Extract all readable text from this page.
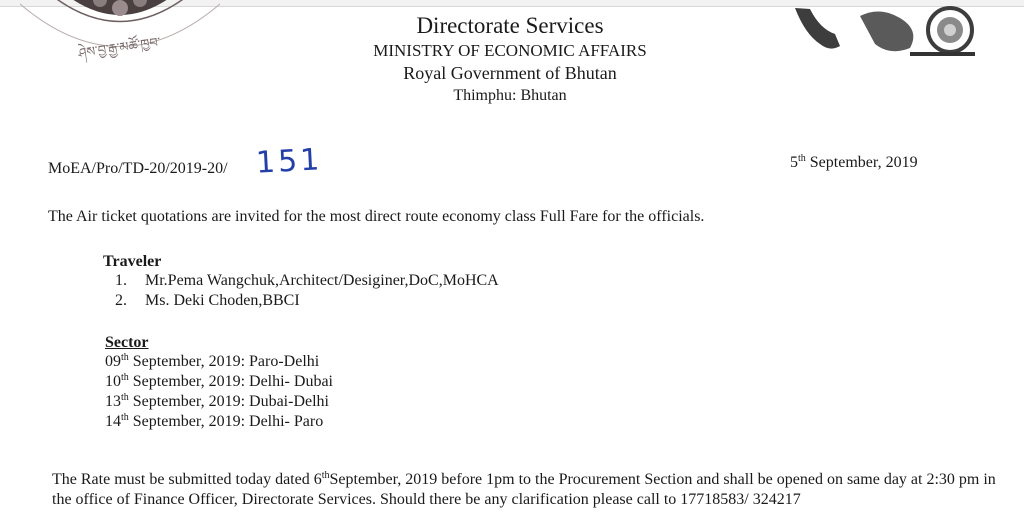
ཤེས་བྱ་རྒྱ་མཚོ་ཁྱབ་
Directorate Services
MINISTRY OF ECONOMIC AFFAIRS
Royal Government of Bhutan
Thimphu: Bhutan
MoEA/Pro/TD-20/2019-20/ 151	5th September, 2019
The Air ticket quotations are invited for the most direct route economy class Full Fare for the officials.
Traveler
1. Mr.Pema Wangchuk,Architect/Desiginer,DoC,MoHCA
2. Ms. Deki Choden,BBCI
Sector
09th September, 2019: Paro-Delhi
10th September, 2019: Delhi- Dubai
13th September, 2019: Dubai-Delhi
14th September, 2019: Delhi- Paro
The Rate must be submitted today dated 6thSeptember, 2019 before 1pm to the Procurement Section and shall be opened on same day at 2:30 pm in the office of Finance Officer, Directorate Services. Should there be any clarification please call to 17718583/ 324217
